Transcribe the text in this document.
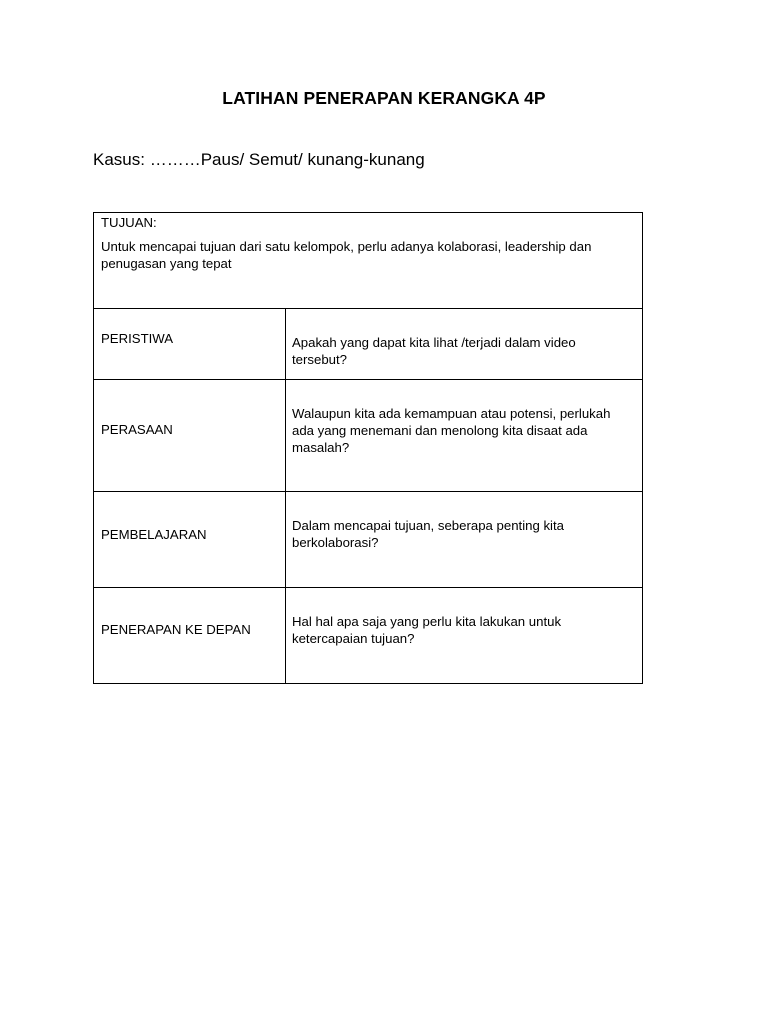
LATIHAN PENERAPAN KERANGKA 4P
Kasus: ………Paus/ Semut/ kunang-kunang
TUJUAN:
Untuk mencapai tujuan dari satu kelompok, perlu adanya kolaborasi, leadership dan penugasan yang tepat	

PERISTIWA	Apakah yang dapat kita lihat /terjadi dalam video tersebut?

PERASAAN	Walaupun kita ada kemampuan atau potensi, perlukah ada yang menemani dan menolong kita disaat ada masalah?

PEMBELAJARAN	Dalam mencapai tujuan, seberapa penting kita berkolaborasi?

PENERAPAN KE DEPAN	Hal hal apa saja yang perlu kita lakukan untuk ketercapaian tujuan?
